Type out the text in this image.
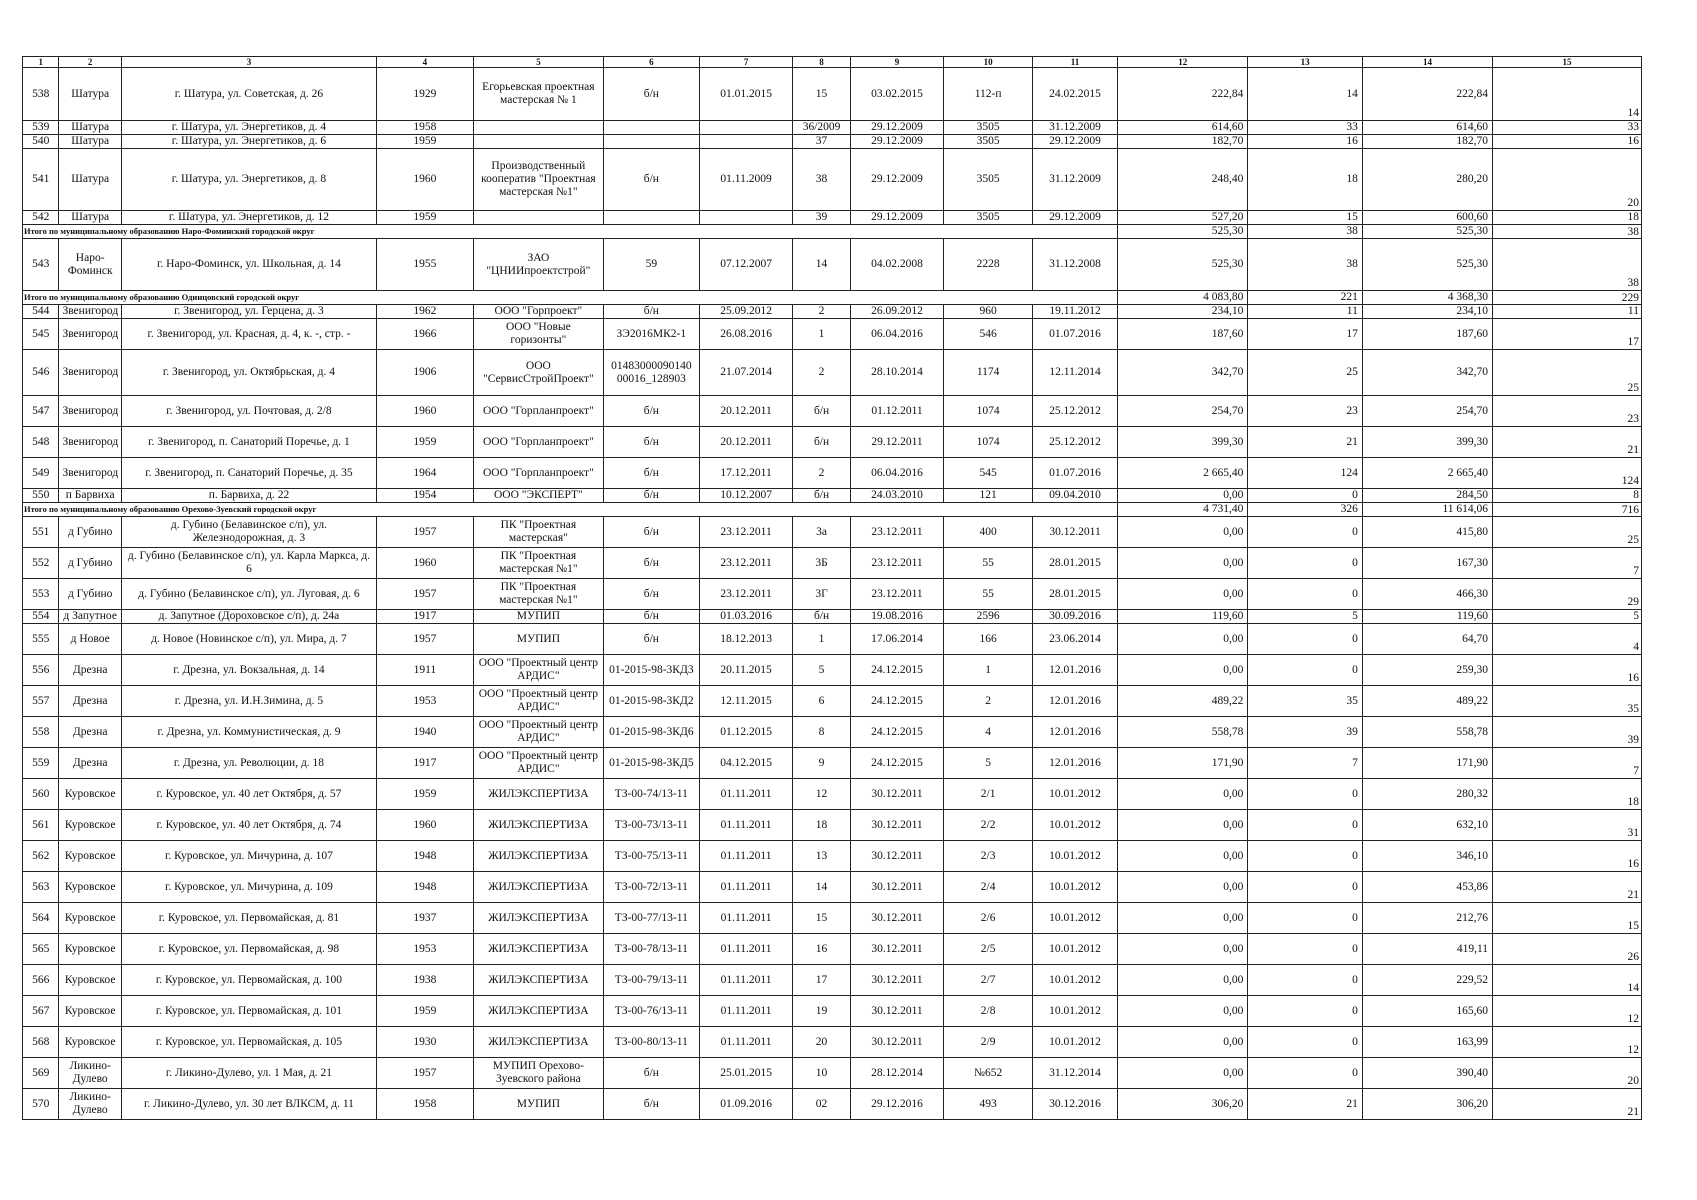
1	2	3	4	5	6	7	8	9	10	11	12	13	14	15
538	Шатура	г. Шатура, ул. Советская, д. 26	1929	Егорьевская проектная мастерская № 1	б/н	01.01.2015	15	03.02.2015	112-п	24.02.2015	222,84	14	222,84	14
539	Шатура	г. Шатура, ул. Энергетиков, д. 4	1958				36/2009	29.12.2009	3505	31.12.2009	614,60	33	614,60	33
540	Шатура	г. Шатура, ул. Энергетиков, д. 6	1959				37	29.12.2009	3505	29.12.2009	182,70	16	182,70	16
541	Шатура	г. Шатура, ул. Энергетиков, д. 8	1960	Производственный кооператив "Проектная мастерская №1"	б/н	01.11.2009	38	29.12.2009	3505	31.12.2009	248,40	18	280,20	20
542	Шатура	г. Шатура, ул. Энергетиков, д. 12	1959				39	29.12.2009	3505	29.12.2009	527,20	15	600,60	18
Итого по муниципальному образованию Наро-Фоминский городской округ											525,30	38	525,30	38
543	Наро-Фоминск	г. Наро-Фоминск, ул. Школьная, д. 14	1955	ЗАО "ЦНИИпроектстрой"	59	07.12.2007	14	04.02.2008	2228	31.12.2008	525,30	38	525,30	38
Итого по муниципальному образованию Одинцовский городской округ											4 083,80	221	4 368,30	229
544	Звенигород	г. Звенигород, ул. Герцена, д. 3	1962	ООО "Горпроект"	б/н	25.09.2012	2	26.09.2012	960	19.11.2012	234,10	11	234,10	11
545	Звенигород	г. Звенигород, ул. Красная, д. 4, к. -, стр. -	1966	ООО "Новые горизонты"	ЗЭ2016МК2-1	26.08.2016	1	06.04.2016	546	01.07.2016	187,60	17	187,60	17
546	Звенигород	г. Звенигород, ул. Октябрьская, д. 4	1906	ООО "СервисСтройПроект"	01483000090140 00016_128903	21.07.2014	2	28.10.2014	1174	12.11.2014	342,70	25	342,70	25
547	Звенигород	г. Звенигород, ул. Почтовая, д. 2/8	1960	ООО "Горпланпроект"	б/н	20.12.2011	б/н	01.12.2011	1074	25.12.2012	254,70	23	254,70	23
548	Звенигород	г. Звенигород, п. Санаторий Поречье, д. 1	1959	ООО "Горпланпроект"	б/н	20.12.2011	б/н	29.12.2011	1074	25.12.2012	399,30	21	399,30	21
549	Звенигород	г. Звенигород, п. Санаторий Поречье, д. 35	1964	ООО "Горпланпроект"	б/н	17.12.2011	2	06.04.2016	545	01.07.2016	2 665,40	124	2 665,40	124
550	п Барвиха	п. Барвиха, д. 22	1954	ООО "ЭКСПЕРТ"	б/н	10.12.2007	б/н	24.03.2010	121	09.04.2010	0,00	0	284,50	8
Итого по муниципальному образованию Орехово-Зуевский городской округ											4 731,40	326	11 614,06	716
551	д Губино	д. Губино (Белавинское с/п), ул. Железнодорожная, д. 3	1957	ПК "Проектная мастерская"	б/н	23.12.2011	3а	23.12.2011	400	30.12.2011	0,00	0	415,80	25
552	д Губино	д. Губино (Белавинское с/п), ул. Карла Маркса, д. 6	1960	ПК "Проектная мастерская №1"	б/н	23.12.2011	3Б	23.12.2011	55	28.01.2015	0,00	0	167,30	7
553	д Губино	д. Губино (Белавинское с/п), ул. Луговая, д. 6	1957	ПК "Проектная мастерская №1"	б/н	23.12.2011	3Г	23.12.2011	55	28.01.2015	0,00	0	466,30	29
554	д Запутное	д. Запутное (Дороховское с/п), д. 24а	1917	МУПИП	б/н	01.03.2016	б/н	19.08.2016	2596	30.09.2016	119,60	5	119,60	5
555	д Новое	д. Новое (Новинское с/п), ул. Мира, д. 7	1957	МУПИП	б/н	18.12.2013	1	17.06.2014	166	23.06.2014	0,00	0	64,70	4
556	Дрезна	г. Дрезна, ул. Вокзальная, д. 14	1911	ООО "Проектный центр АРДИС"	01-2015-98-3КД3	20.11.2015	5	24.12.2015	1	12.01.2016	0,00	0	259,30	16
557	Дрезна	г. Дрезна, ул. И.Н.Зимина, д. 5	1953	ООО "Проектный центр АРДИС"	01-2015-98-3КД2	12.11.2015	6	24.12.2015	2	12.01.2016	489,22	35	489,22	35
558	Дрезна	г. Дрезна, ул. Коммунистическая, д. 9	1940	ООО "Проектный центр АРДИС"	01-2015-98-3КД6	01.12.2015	8	24.12.2015	4	12.01.2016	558,78	39	558,78	39
559	Дрезна	г. Дрезна, ул. Революции, д. 18	1917	ООО "Проектный центр АРДИС"	01-2015-98-3КД5	04.12.2015	9	24.12.2015	5	12.01.2016	171,90	7	171,90	7
560	Куровское	г. Куровское, ул. 40 лет Октября, д. 57	1959	ЖИЛЭКСПЕРТИЗА	ТЗ-00-74/13-11	01.11.2011	12	30.12.2011	2/1	10.01.2012	0,00	0	280,32	18
561	Куровское	г. Куровское, ул. 40 лет Октября, д. 74	1960	ЖИЛЭКСПЕРТИЗА	ТЗ-00-73/13-11	01.11.2011	18	30.12.2011	2/2	10.01.2012	0,00	0	632,10	31
562	Куровское	г. Куровское, ул. Мичурина, д. 107	1948	ЖИЛЭКСПЕРТИЗА	ТЗ-00-75/13-11	01.11.2011	13	30.12.2011	2/3	10.01.2012	0,00	0	346,10	16
563	Куровское	г. Куровское, ул. Мичурина, д. 109	1948	ЖИЛЭКСПЕРТИЗА	ТЗ-00-72/13-11	01.11.2011	14	30.12.2011	2/4	10.01.2012	0,00	0	453,86	21
564	Куровское	г. Куровское, ул. Первомайская, д. 81	1937	ЖИЛЭКСПЕРТИЗА	ТЗ-00-77/13-11	01.11.2011	15	30.12.2011	2/6	10.01.2012	0,00	0	212,76	15
565	Куровское	г. Куровское, ул. Первомайская, д. 98	1953	ЖИЛЭКСПЕРТИЗА	ТЗ-00-78/13-11	01.11.2011	16	30.12.2011	2/5	10.01.2012	0,00	0	419,11	26
566	Куровское	г. Куровское, ул. Первомайская, д. 100	1938	ЖИЛЭКСПЕРТИЗА	ТЗ-00-79/13-11	01.11.2011	17	30.12.2011	2/7	10.01.2012	0,00	0	229,52	14
567	Куровское	г. Куровское, ул. Первомайская, д. 101	1959	ЖИЛЭКСПЕРТИЗА	ТЗ-00-76/13-11	01.11.2011	19	30.12.2011	2/8	10.01.2012	0,00	0	165,60	12
568	Куровское	г. Куровское, ул. Первомайская, д. 105	1930	ЖИЛЭКСПЕРТИЗА	ТЗ-00-80/13-11	01.11.2011	20	30.12.2011	2/9	10.01.2012	0,00	0	163,99	12
569	Ликино-Дулево	г. Ликино-Дулево, ул. 1 Мая, д. 21	1957	МУПИП Орехово-Зуевского района	б/н	25.01.2015	10	28.12.2014	№652	31.12.2014	0,00	0	390,40	20
570	Ликино-Дулево	г. Ликино-Дулево, ул. 30 лет ВЛКСМ, д. 11	1958	МУПИП	б/н	01.09.2016	02	29.12.2016	493	30.12.2016	306,20	21	306,20	21
